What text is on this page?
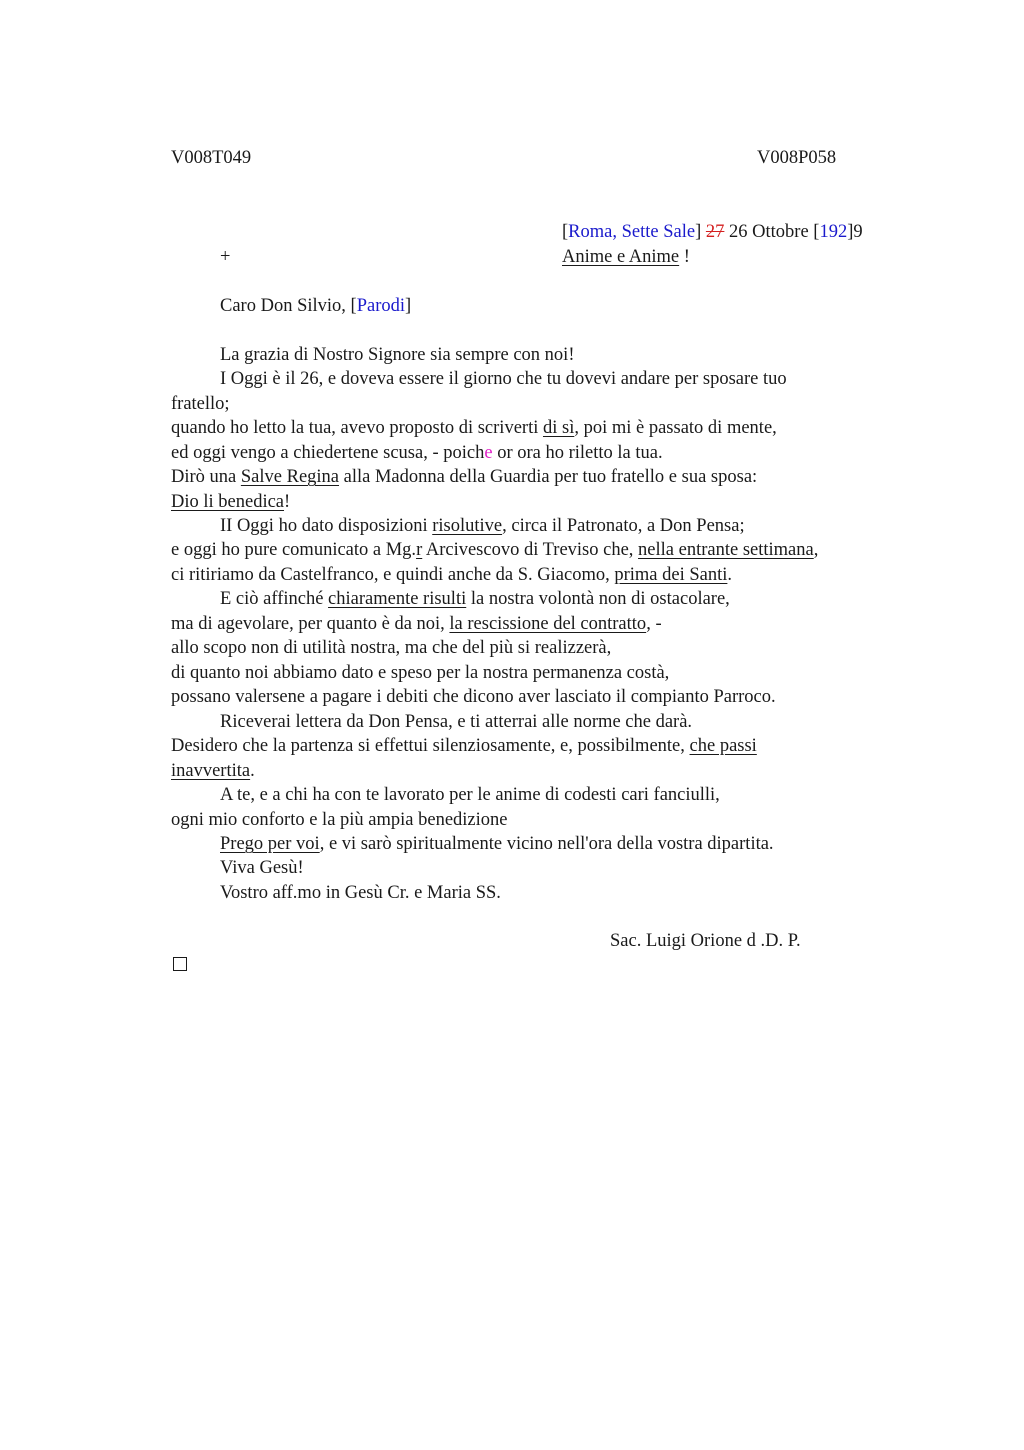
V008T049	V008P058
[Roma, Sette Sale] 27 26 Ottobre [192]9
+	Anime e Anime !
Caro Don Silvio, [Parodi]
La grazia di Nostro Signore sia sempre con noi!
I Oggi è il 26, e doveva essere il giorno che tu dovevi andare per sposare tuo
fratello;
quando ho letto la tua, avevo proposto di scriverti di sì, poi mi è passato di mente,
ed oggi vengo a chiedertene scusa, - poiche or ora ho riletto la tua.
Dirò una Salve Regina alla Madonna della Guardia per tuo fratello e sua sposa:
Dio li benedica!
II Oggi ho dato disposizioni risolutive, circa il Patronato, a Don Pensa;
e oggi ho pure comunicato a Mg.r Arcivescovo di Treviso che, nella entrante settimana,
ci ritiriamo da Castelfranco, e quindi anche da S. Giacomo, prima dei Santi.
E ciò affinché chiaramente risulti la nostra volontà non di ostacolare,
ma di agevolare, per quanto è da noi, la rescissione del contratto, -
allo scopo non di utilità nostra, ma che del più si realizzerà,
di quanto noi abbiamo dato e speso per la nostra permanenza costà,
possano valersene a pagare i debiti che dicono aver lasciato il compianto Parroco.
Riceverai lettera da Don Pensa, e ti atterrai alle norme che darà.
Desidero che la partenza si effettui silenziosamente, e, possibilmente, che passi
inavvertita.
A te, e a chi ha con te lavorato per le anime di codesti cari fanciulli,
ogni mio conforto e la più ampia benedizione
Prego per voi, e vi sarò spiritualmente vicino nell'ora della vostra dipartita.
Viva Gesù!
Vostro aff.mo in Gesù Cr. e Maria SS.
Sac. Luigi Orione d .D. P.
